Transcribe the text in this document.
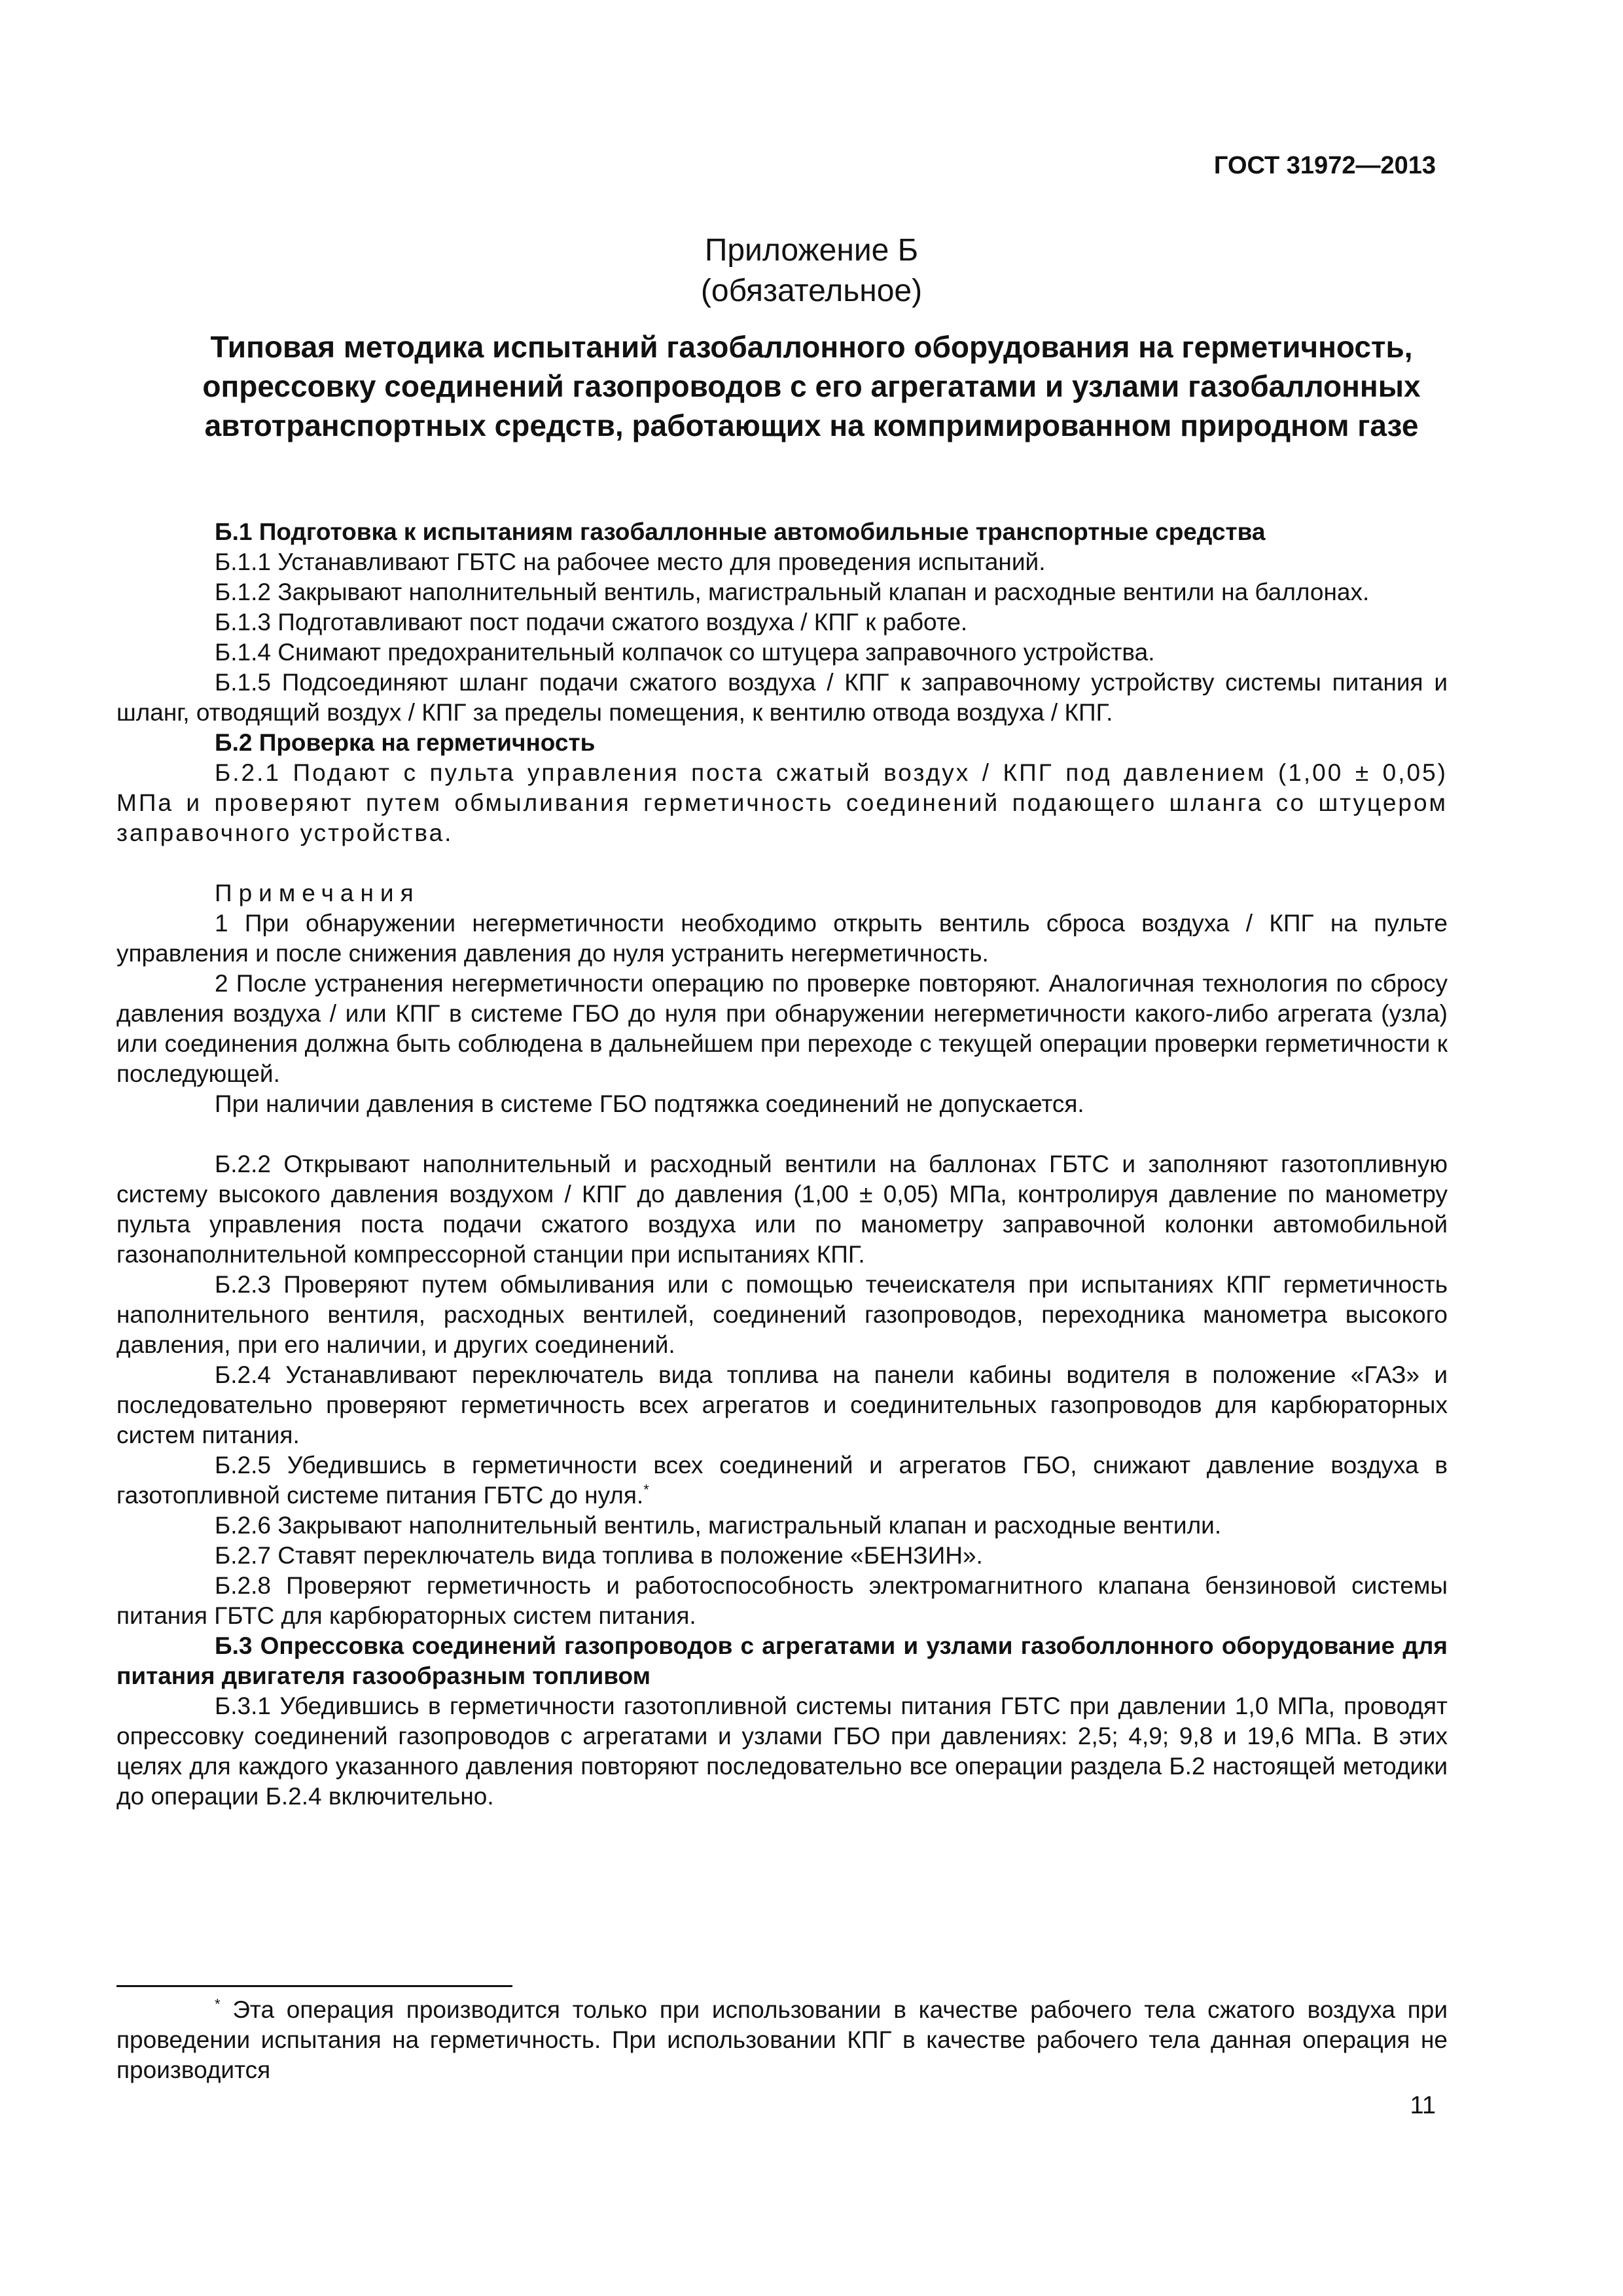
ГОСТ 31972—2013
Приложение Б
(обязательное)
Типовая методика испытаний газобаллонного оборудования на герметичность, опрессовку соединений газопроводов с его агрегатами и узлами газобаллонных автотранспортных средств, работающих на компримированном природном газе

Б.1 Подготовка к испытаниям газобаллонные автомобильные транспортные средства

Б.1.1 Устанавливают ГБТС на рабочее место для проведения испытаний.

Б.1.2 Закрывают наполнительный вентиль, магистральный клапан и расходные вентили на баллонах.

Б.1.3 Подготавливают пост подачи сжатого воздуха / КПГ к работе.

Б.1.4 Снимают предохранительный колпачок со штуцера заправочного устройства.

Б.1.5 Подсоединяют шланг подачи сжатого воздуха / КПГ к заправочному устройству системы питания и шланг, отводящий воздух / КПГ за пределы помещения, к вентилю отвода воздуха / КПГ.

Б.2 Проверка на герметичность

Б.2.1 Подают с пульта управления поста сжатый воздух / КПГ под давлением (1,00 ± 0,05) МПа и проверяют путем обмыливания герметичность соединений подающего шланга со штуцером заправочного устройства.

Примечания

1 При обнаружении негерметичности необходимо открыть вентиль сброса воздуха / КПГ на пульте управления и после снижения давления до нуля устранить негерметичность.

2 После устранения негерметичности операцию по проверке повторяют. Аналогичная технология по сбросу давления воздуха / или КПГ в системе ГБО до нуля при обнаружении негерметичности какого-либо агрегата (узла) или соединения должна быть соблюдена в дальнейшем при переходе с текущей операции проверки герметичности к последующей.

При наличии давления в системе ГБО подтяжка соединений не допускается.

Б.2.2 Открывают наполнительный и расходный вентили на баллонах ГБТС и заполняют газотопливную систему высокого давления воздухом / КПГ до давления (1,00 ± 0,05) МПа, контролируя давление по манометру пульта управления поста подачи сжатого воздуха или по манометру заправочной колонки автомобильной газонаполнительной компрессорной станции при испытаниях КПГ.

Б.2.3 Проверяют путем обмыливания или с помощью течеискателя при испытаниях КПГ герметичность наполнительного вентиля, расходных вентилей, соединений газопроводов, переходника манометра высокого давления, при его наличии, и других соединений.

Б.2.4 Устанавливают переключатель вида топлива на панели кабины водителя в положение «ГАЗ» и последовательно проверяют герметичность всех агрегатов и соединительных газопроводов для карбюраторных систем питания.

Б.2.5 Убедившись в герметичности всех соединений и агрегатов ГБО, снижают давление воздуха в газотопливной системе питания ГБТС до нуля.*

Б.2.6 Закрывают наполнительный вентиль, магистральный клапан и расходные вентили.

Б.2.7 Ставят переключатель вида топлива в положение «БЕНЗИН».

Б.2.8 Проверяют герметичность и работоспособность электромагнитного клапана бензиновой системы питания ГБТС для карбюраторных систем питания.

Б.3 Опрессовка соединений газопроводов с агрегатами и узлами газоболлонного оборудование для питания двигателя газообразным топливом

Б.3.1 Убедившись в герметичности газотопливной системы питания ГБТС при давлении 1,0 МПа, проводят опрессовку соединений газопроводов с агрегатами и узлами ГБО при давлениях: 2,5; 4,9; 9,8 и 19,6 МПа. В этих целях для каждого указанного давления повторяют последовательно все операции раздела Б.2 настоящей методики до операции Б.2.4 включительно.

* Эта операция производится только при использовании в качестве рабочего тела сжатого воздуха при проведении испытания на герметичность. При использовании КПГ в качестве рабочего тела данная операция не производится

11
